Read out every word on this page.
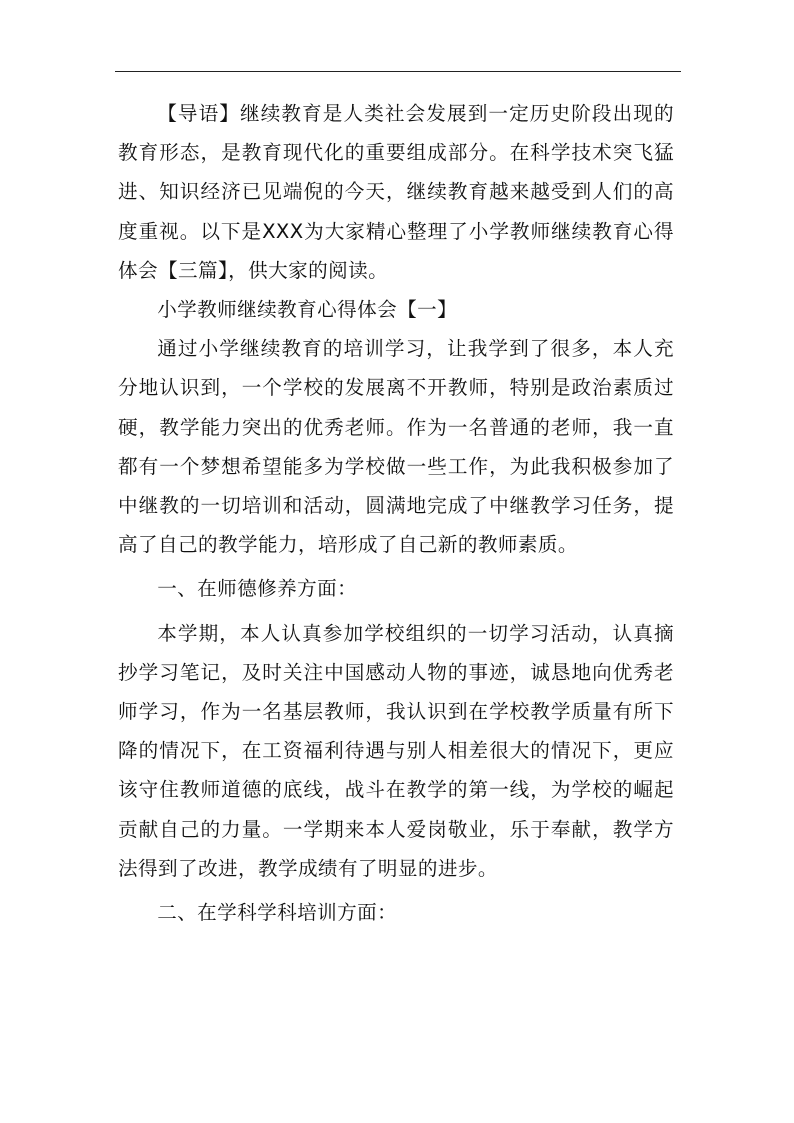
【导语】继续教育是人类社会发展到一定历史阶段出现的教育形态，是教育现代化的重要组成部分。在科学技术突飞猛进、知识经济已见端倪的今天，继续教育越来越受到人们的高度重视。以下是XXX为大家精心整理了小学教师继续教育心得体会【三篇】，供大家的阅读。

小学教师继续教育心得体会【一】

通过小学继续教育的培训学习，让我学到了很多，本人充分地认识到，一个学校的发展离不开教师，特别是政治素质过硬，教学能力突出的优秀老师。作为一名普通的老师，我一直都有一个梦想希望能多为学校做一些工作，为此我积极参加了中继教的一切培训和活动，圆满地完成了中继教学习任务，提高了自己的教学能力，培形成了自己新的教师素质。

一、在师德修养方面：

本学期，本人认真参加学校组织的一切学习活动，认真摘抄学习笔记，及时关注中国感动人物的事迹，诚恳地向优秀老师学习，作为一名基层教师，我认识到在学校教学质量有所下降的情况下，在工资福利待遇与别人相差很大的情况下，更应该守住教师道德的底线，战斗在教学的第一线，为学校的崛起贡献自己的力量。一学期来本人爱岗敬业，乐于奉献，教学方法得到了改进，教学成绩有了明显的进步。

二、在学科学科培训方面：
